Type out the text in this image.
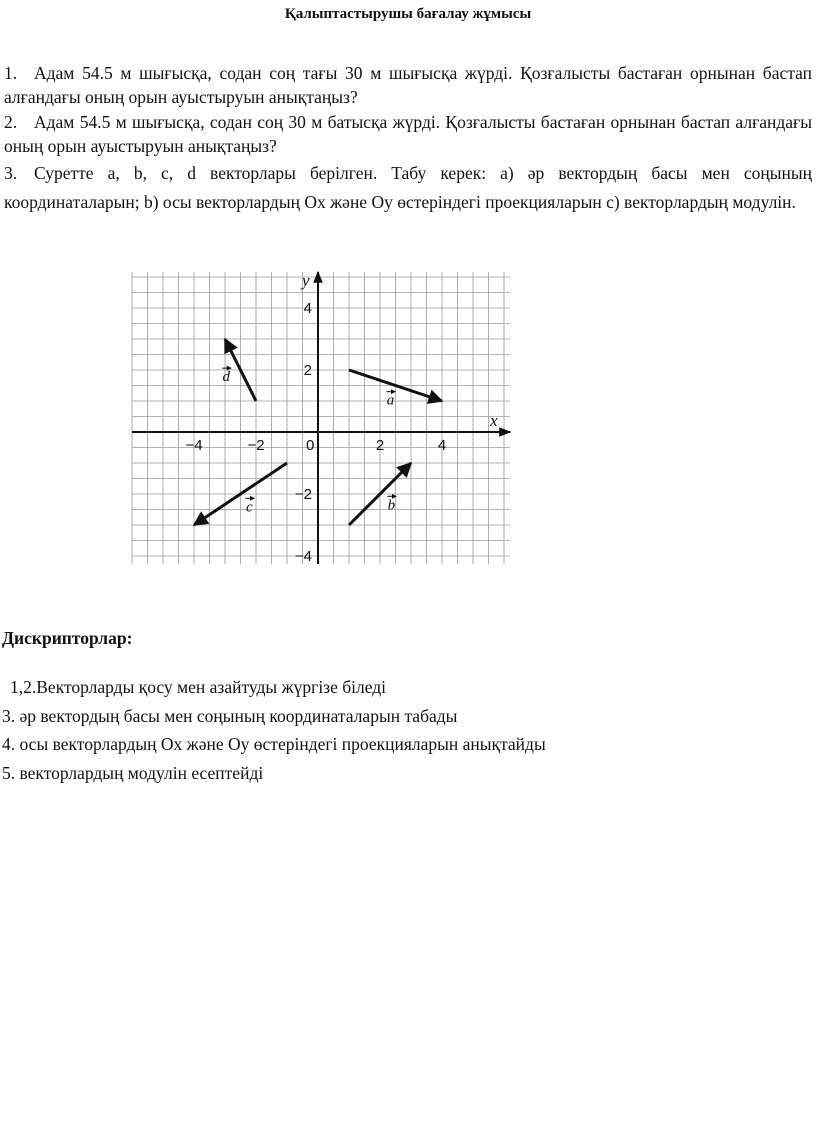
Қалыптастырушы бағалау жұмысы
1. Адам 54.5 м шығысқа, содан соң тағы 30 м шығысқа жүрді. Қозғалысты бастаған орнынан бастап алғандағы оның орын ауыстыруын анықтаңыз?
2. Адам 54.5 м шығысқа, содан соң 30 м батысқа жүрді. Қозғалысты бастаған орнынан бастап алғандағы оның орын ауыстыруын анықтаңыз?
3. Суретте a, b, c, d векторлары берілген. Табу керек: a) әр вектордың басы мен соңының координаталарын; b) осы векторлардың Ох және Оу өстеріндегі проекцияларын c) векторлардың модулін.
x
y
0
−4	−2	2	4
4
2
−2
−4
a
b
c
d
Дискрипторлар:
1,2.Векторларды қосу мен азайтуды жүргізе біледі
3. әр вектордың басы мен соңының координаталарын табады
4. осы векторлардың Ох және Оу өстеріндегі проекцияларын анықтайды
5. векторлардың модулін есептейді
